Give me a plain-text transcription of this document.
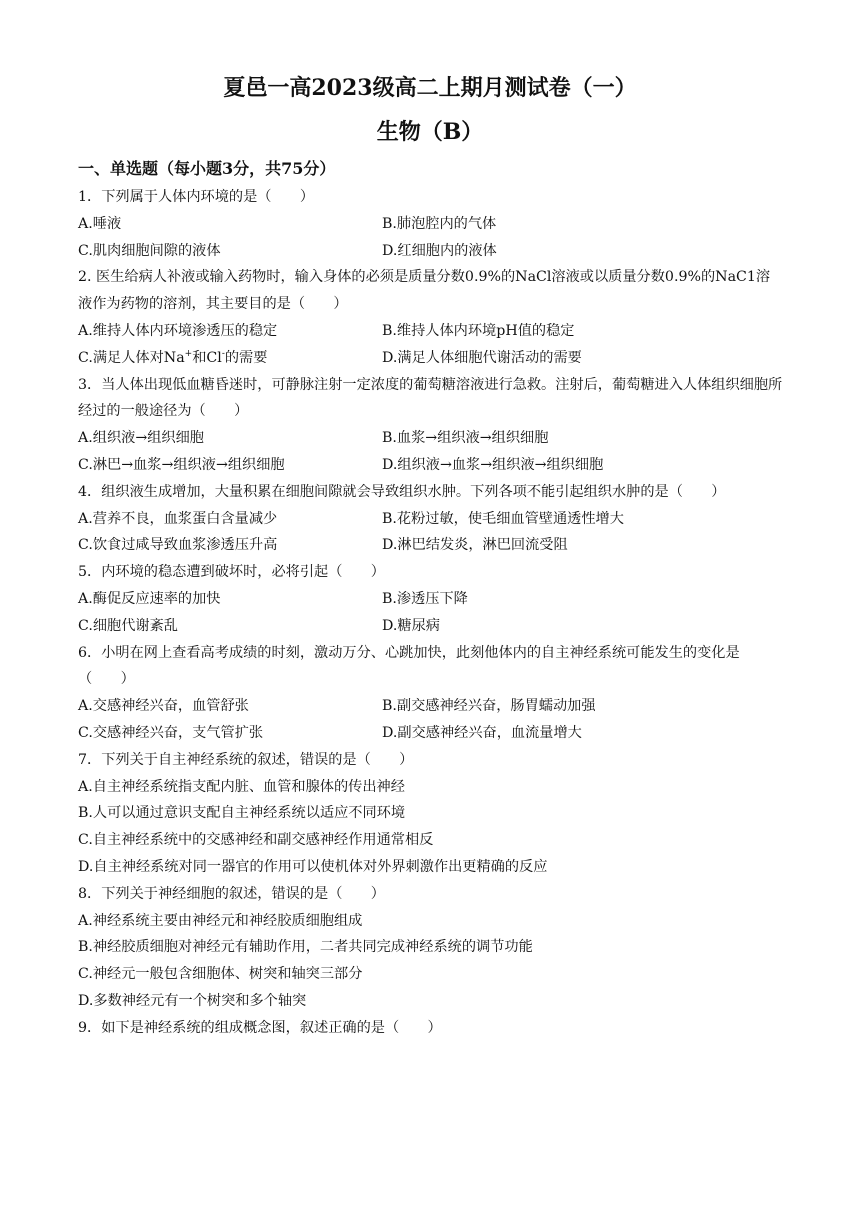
夏邑一高2023级高二上期月测试卷（一）
生物（B）
一、单选题（每小题3分，共75分）

1．下列属于人体内环境的是（　　）

A.唾液	B.肺泡腔内的气体
C.肌肉细胞间隙的液体	D.红细胞内的液体

2. 医生给病人补液或输入药物时，输入身体的必须是质量分数0.9%的NaCl溶液或以质量分数0.9%的NaC1溶液作为药物的溶剂，其主要目的是（　　）

A.维持人体内环境渗透压的稳定	B.维持人体内环境pH值的稳定
C.满足人体对Na+和Cl-的需要	D.满足人体细胞代谢活动的需要

3．当人体出现低血糖昏迷时，可静脉注射一定浓度的葡萄糖溶液进行急救。注射后，葡萄糖进入人体组织细胞所经过的一般途径为（　　）

A.组织液→组织细胞	B.血浆→组织液→组织细胞
C.淋巴→血浆→组织液→组织细胞	D.组织液→血浆→组织液→组织细胞

4．组织液生成增加，大量积累在细胞间隙就会导致组织水肿。下列各项不能引起组织水肿的是（　　）

A.营养不良，血浆蛋白含量减少	B.花粉过敏，使毛细血管壁通透性增大
C.饮食过咸导致血浆渗透压升高	D.淋巴结发炎，淋巴回流受阻

5．内环境的稳态遭到破坏时，必将引起（　　）

A.酶促反应速率的加快	B.渗透压下降
C.细胞代谢紊乱	D.糖尿病

6．小明在网上查看高考成绩的时刻，激动万分、心跳加快，此刻他体内的自主神经系统可能发生的变化是（　　）

A.交感神经兴奋，血管舒张	B.副交感神经兴奋，肠胃蠕动加强
C.交感神经兴奋，支气管扩张	D.副交感神经兴奋，血流量增大

7．下列关于自主神经系统的叙述，错误的是（　　）

A.自主神经系统指支配内脏、血管和腺体的传出神经

B.人可以通过意识支配自主神经系统以适应不同环境

C.自主神经系统中的交感神经和副交感神经作用通常相反

D.自主神经系统对同一器官的作用可以使机体对外界刺激作出更精确的反应

8．下列关于神经细胞的叙述，错误的是（　　）

A.神经系统主要由神经元和神经胶质细胞组成

B.神经胶质细胞对神经元有辅助作用，二者共同完成神经系统的调节功能

C.神经元一般包含细胞体、树突和轴突三部分

D.多数神经元有一个树突和多个轴突

9．如下是神经系统的组成概念图，叙述正确的是（　　）
